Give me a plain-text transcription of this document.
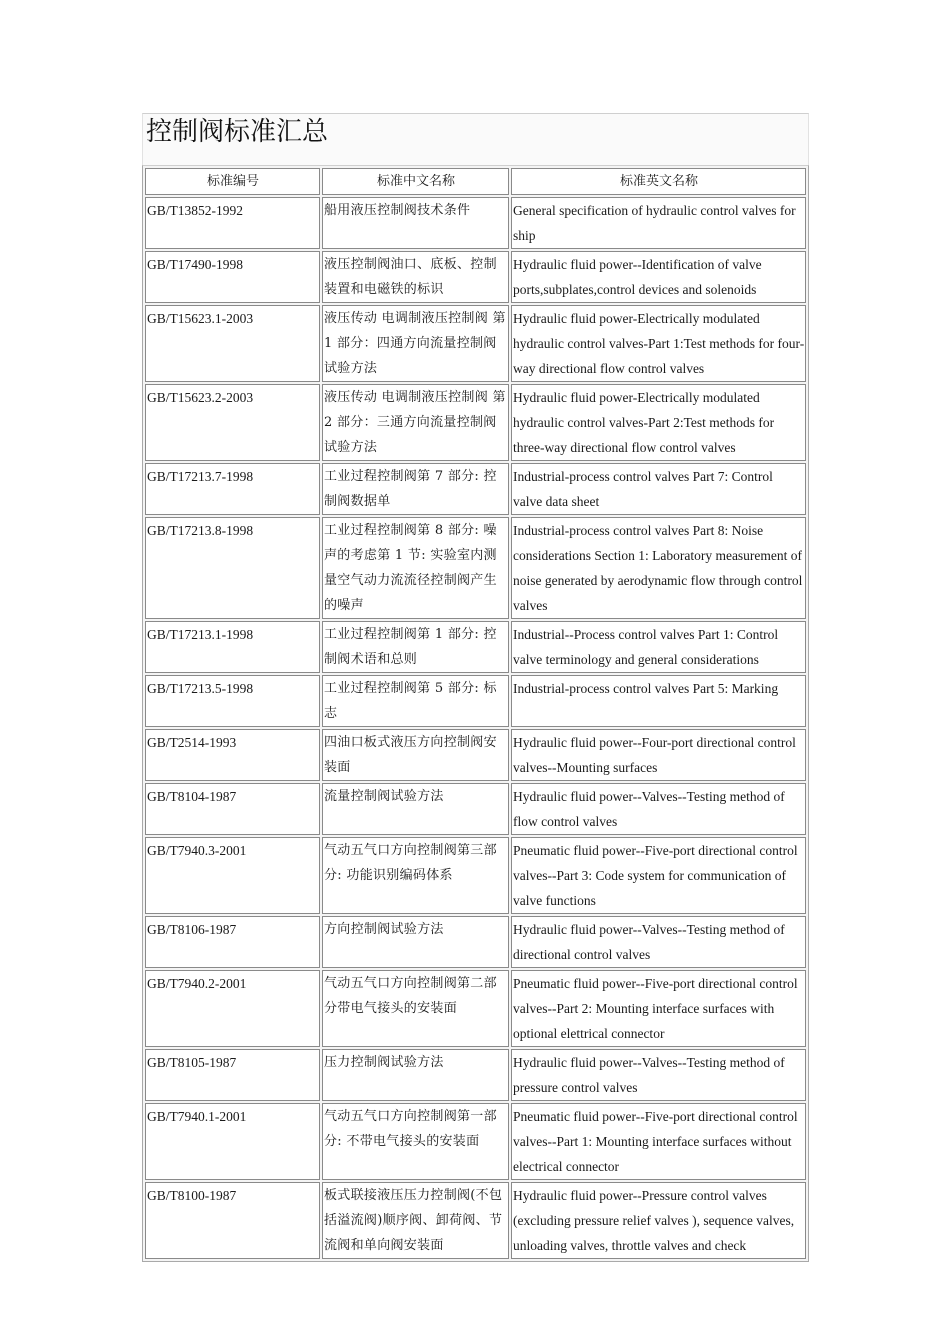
控制阀标准汇总
标准编号	标准中文名称	标准英文名称
GB/T13852-1992	船用液压控制阀技术条件	General specification of hydraulic control valves for ship
GB/T17490-1998	液压控制阀油口、底板、控制装置和电磁铁的标识	Hydraulic fluid power--Identification of valve ports,subplates,control devices and solenoids
GB/T15623.1-2003	液压传动 电调制液压控制阀 第 1 部分：四通方向流量控制阀试验方法	Hydraulic fluid power-Electrically modulated hydraulic control valves-Part 1:Test methods for four-way directional flow control valves
GB/T15623.2-2003	液压传动 电调制液压控制阀 第 2 部分：三通方向流量控制阀试验方法	Hydraulic fluid power-Electrically modulated hydraulic control valves-Part 2:Test methods for three-way directional flow control valves
GB/T17213.7-1998	工业过程控制阀第 7 部分: 控制阀数据单	Industrial-process control valves Part 7: Control valve data sheet
GB/T17213.8-1998	工业过程控制阀第 8 部分: 噪声的考虑第 1 节: 实验室内测量空气动力流流径控制阀产生的噪声	Industrial-process control valves Part 8: Noise considerations Section 1: Laboratory measurement of noise generated by aerodynamic flow through control valves
GB/T17213.1-1998	工业过程控制阀第 1 部分: 控制阀术语和总则	Industrial--Process control valves Part 1: Control valve terminology and general considerations
GB/T17213.5-1998	工业过程控制阀第 5 部分: 标志	Industrial-process control valves Part 5: Marking
GB/T2514-1993	四油口板式液压方向控制阀安装面	Hydraulic fluid power--Four-port directional control valves--Mounting surfaces
GB/T8104-1987	流量控制阀试验方法	Hydraulic fluid power--Valves--Testing method of flow control valves
GB/T7940.3-2001	气动五气口方向控制阀第三部分: 功能识别编码体系	Pneumatic fluid power--Five-port directional control valves--Part 3: Code system for communication of valve functions
GB/T8106-1987	方向控制阀试验方法	Hydraulic fluid power--Valves--Testing method of directional control valves
GB/T7940.2-2001	气动五气口方向控制阀第二部分带电气接头的安装面	Pneumatic fluid power--Five-port directional control valves--Part 2: Mounting interface surfaces with optional elettrical connector
GB/T8105-1987	压力控制阀试验方法	Hydraulic fluid power--Valves--Testing method of pressure control valves
GB/T7940.1-2001	气动五气口方向控制阀第一部分: 不带电气接头的安装面	Pneumatic fluid power--Five-port directional control valves--Part 1: Mounting interface surfaces without electrical connector
GB/T8100-1987	板式联接液压压力控制阀(不包括溢流阀)顺序阀、卸荷阀、节流阀和单向阀安装面	Hydraulic fluid power--Pressure control valves (excluding pressure relief valves ), sequence valves, unloading valves, throttle valves and check
